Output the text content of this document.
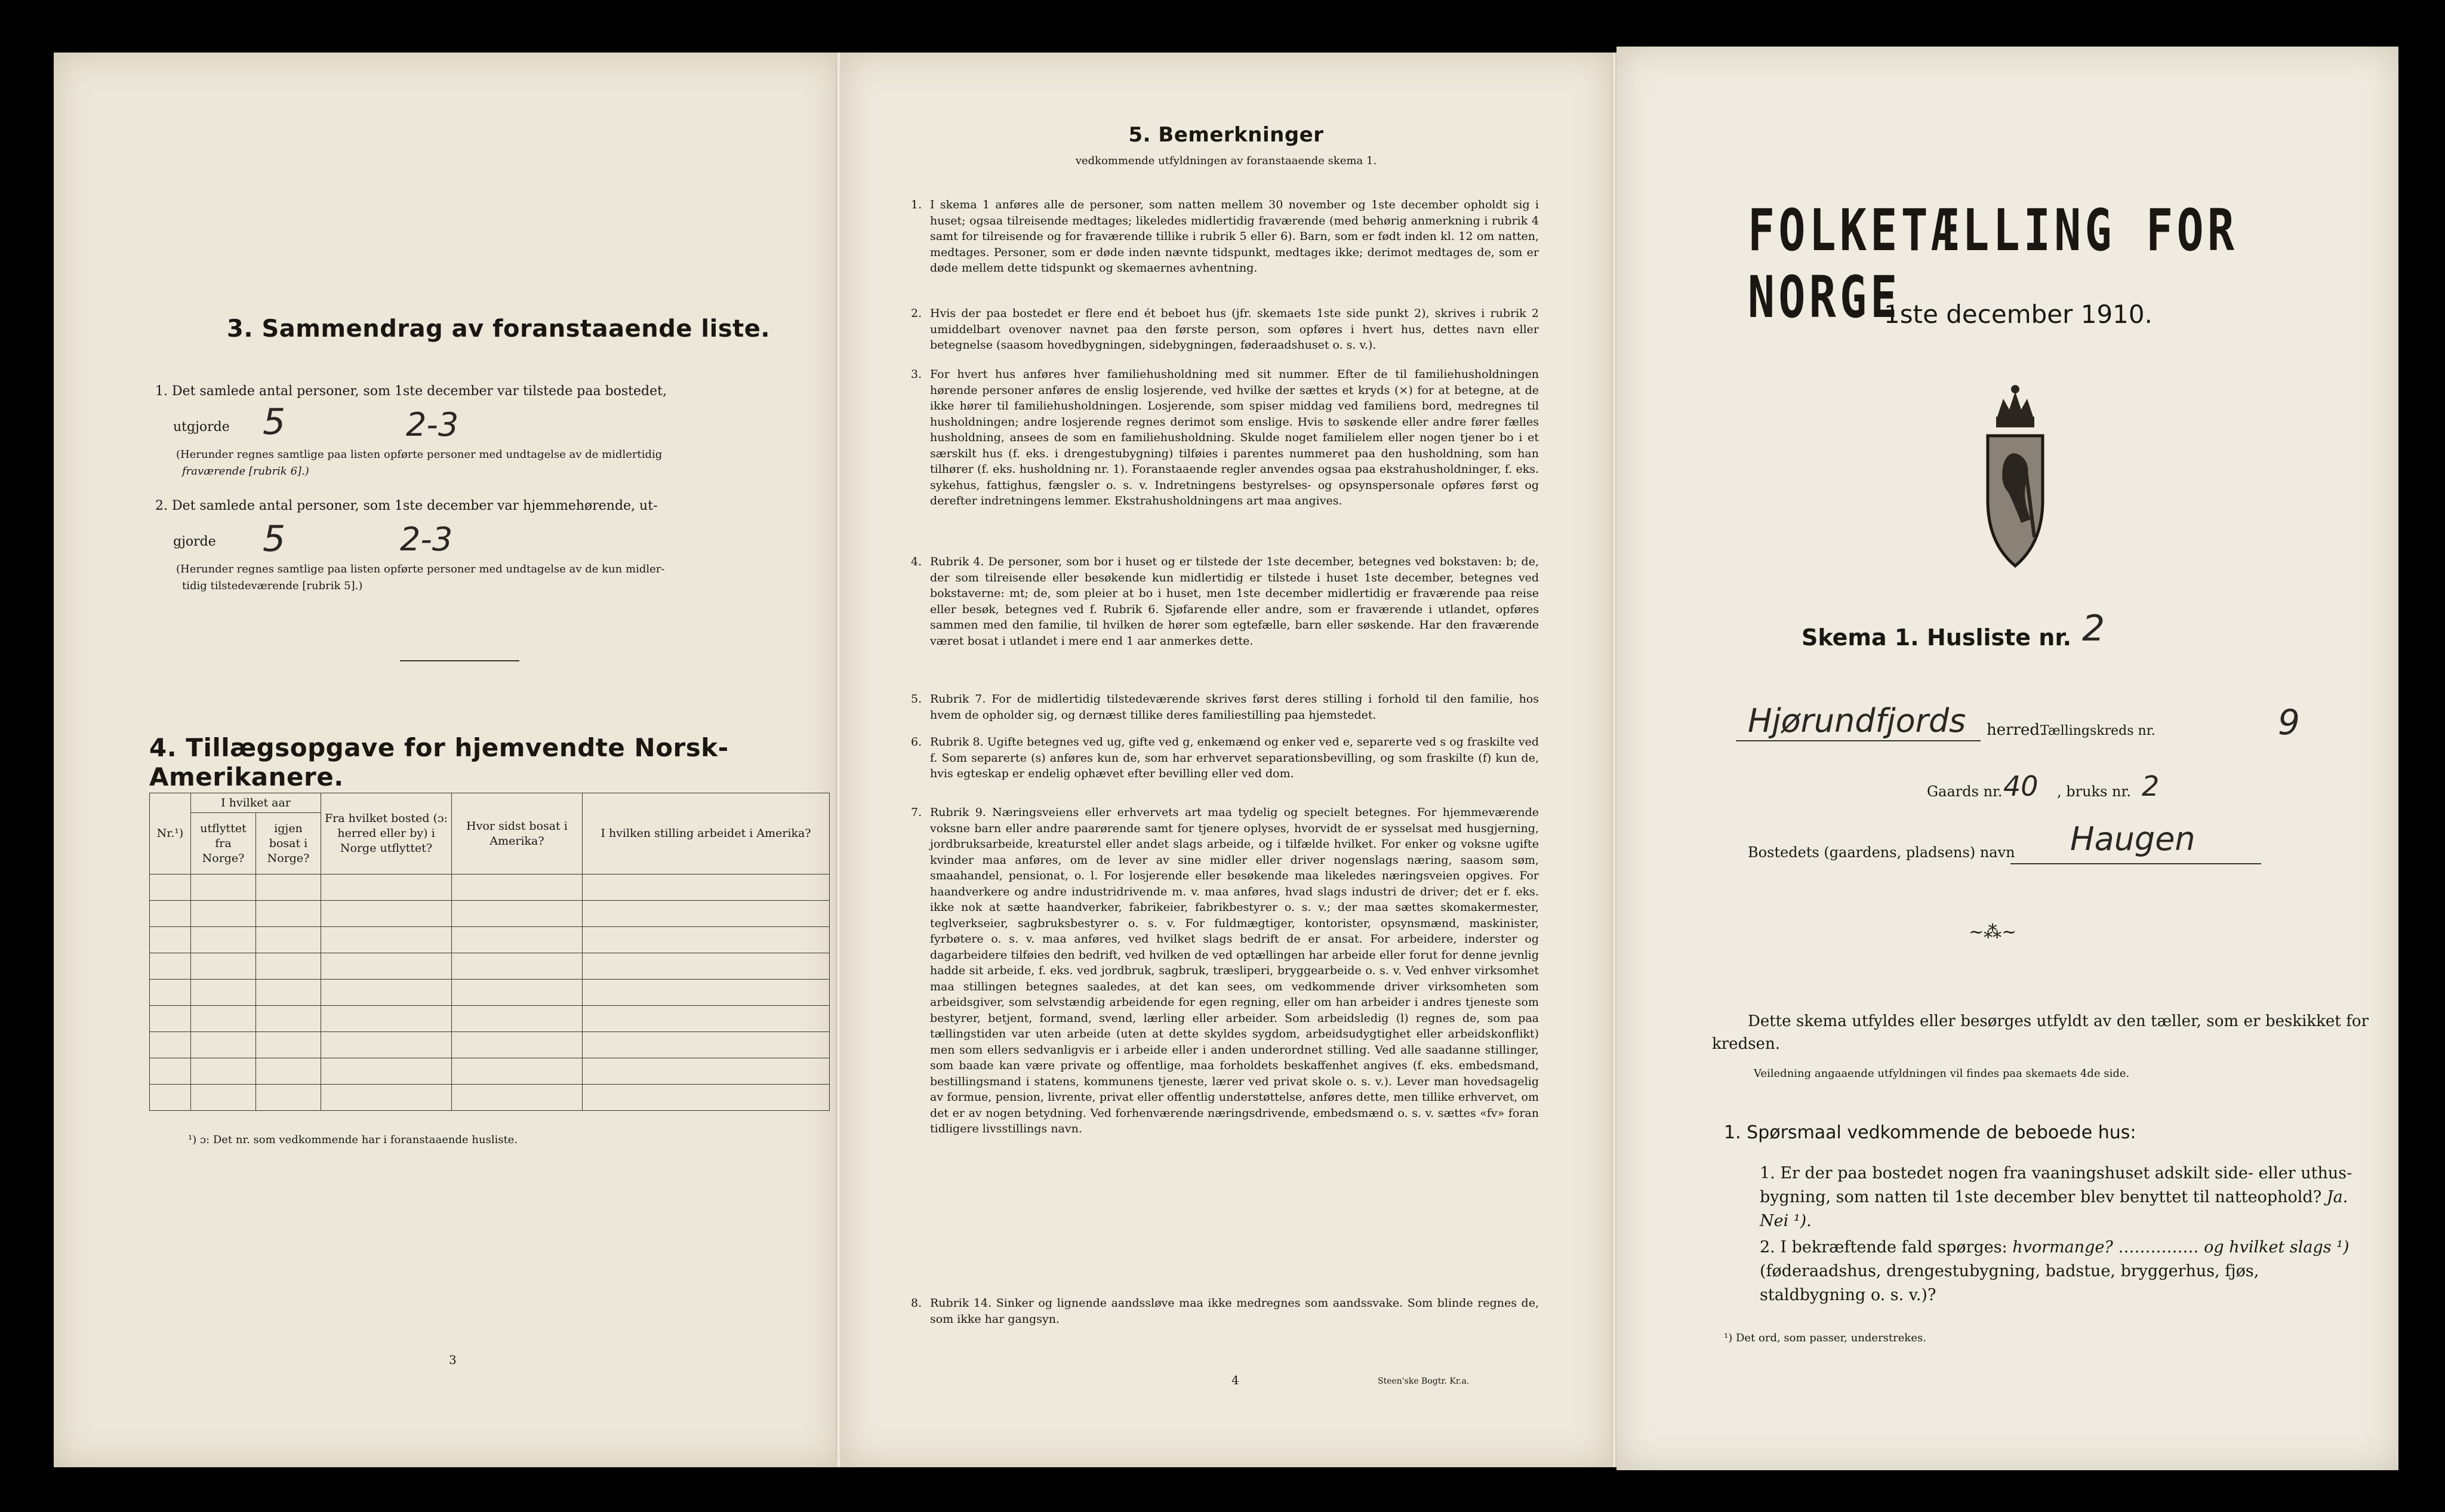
3. Sammendrag av foranstaaende liste.
1. Det samlede antal personer, som 1ste december var tilstede paa bostedet,
utgjorde 5	2-3
(Herunder regnes samtlige paa listen opførte personer med undtagelse av de midlertidig
fraværende [rubrik 6].)
2. Det samlede antal personer, som 1ste december var hjemmehørende, ut-
gjorde 5	2-3
(Herunder regnes samtlige paa listen opførte personer med undtagelse av de kun midler-
tidig tilstedeværende [rubrik 5].)
4. Tillægsopgave for hjemvendte Norsk-Amerikanere.
Nr.¹)	I hvilket aar		Fra hvilket bosted (ɔ: herred eller by) i Norge utflyttet?	Hvor sidst bosat i Amerika?	I hvilken stilling arbeidet i Amerika?
	utflyttet fra Norge?	igjen bosat i Norge?			

¹) ɔ: Det nr. som vedkommende har i foranstaaende husliste.
3
5. Bemerkninger
vedkommende utfyldningen av foranstaaende skema 1.
1. I skema 1 anføres alle de personer, som natten mellem 30 november og 1ste december opholdt sig i huset; ogsaa tilreisende medtages; likeledes midlertidig fraværende (med behørig anmerkning i rubrik 4 samt for tilreisende og for fraværende tillike i rubrik 5 eller 6). Barn, som er født inden kl. 12 om natten, medtages. Personer, som er døde inden nævnte tidspunkt, medtages ikke; derimot medtages de, som er døde mellem dette tidspunkt og skemaernes avhentning.
2. Hvis der paa bostedet er flere end ét beboet hus (jfr. skemaets 1ste side punkt 2), skrives i rubrik 2 umiddelbart ovenover navnet paa den første person, som opføres i hvert hus, dettes navn eller betegnelse (saasom hovedbygningen, sidebygningen, føderaadshuset o. s. v.).
3. For hvert hus anføres hver familiehusholdning med sit nummer. Efter de til familiehusholdningen hørende personer anføres de enslig losjerende, ved hvilke der sættes et kryds (×) for at betegne, at de ikke hører til familiehusholdningen. Losjerende, som spiser middag ved familiens bord, medregnes til husholdningen; andre losjerende regnes derimot som enslige. Hvis to søskende eller andre fører fælles husholdning, ansees de som en familiehusholdning. Skulde noget familielem eller nogen tjener bo i et særskilt hus (f. eks. i drengestubygning) tilføies i parentes nummeret paa den husholdning, som han tilhører (f. eks. husholdning nr. 1). Foranstaaende regler anvendes ogsaa paa ekstrahusholdninger, f. eks. sykehus, fattighus, fængsler o. s. v. Indretningens bestyrelses- og opsynspersonale opføres først og derefter indretningens lemmer. Ekstrahusholdningens art maa angives.
4. Rubrik 4. De personer, som bor i huset og er tilstede der 1ste december, betegnes ved bokstaven: b; de, der som tilreisende eller besøkende kun midlertidig er tilstede i huset 1ste december, betegnes ved bokstaverne: mt; de, som pleier at bo i huset, men 1ste december midlertidig er fraværende paa reise eller besøk, betegnes ved f. Rubrik 6. Sjøfarende eller andre, som er fraværende i utlandet, opføres sammen med den familie, til hvilken de hører som egtefælle, barn eller søskende. Har den fraværende været bosat i utlandet i mere end 1 aar anmerkes dette.
5. Rubrik 7. For de midlertidig tilstedeværende skrives først deres stilling i forhold til den familie, hos hvem de opholder sig, og dernæst tillike deres familiestilling paa hjemstedet.
6. Rubrik 8. Ugifte betegnes ved ug, gifte ved g, enkemænd og enker ved e, separerte ved s og fraskilte ved f. Som separerte (s) anføres kun de, som har erhvervet separationsbevilling, og som fraskilte (f) kun de, hvis egteskap er endelig ophævet efter bevilling eller ved dom.
7. Rubrik 9. Næringsveiens eller erhvervets art maa tydelig og specielt betegnes. For hjemmeværende voksne barn eller andre paarørende samt for tjenere oplyses, hvorvidt de er sysselsat med husgjerning, jordbruksarbeide, kreaturstel eller andet slags arbeide, og i tilfælde hvilket. For enker og voksne ugifte kvinder maa anføres, om de lever av sine midler eller driver nogenslags næring, saasom søm, smaahandel, pensionat, o. l. For losjerende eller besøkende maa likeledes næringsveien opgives. For haandverkere og andre industridrivende m. v. maa anføres, hvad slags industri de driver; det er f. eks. ikke nok at sætte haandverker, fabrikeier, fabrikbestyrer o. s. v.; der maa sættes skomakermester, teglverkseier, sagbruksbestyrer o. s. v. For fuldmægtiger, kontorister, opsynsmænd, maskinister, fyrbøtere o. s. v. maa anføres, ved hvilket slags bedrift de er ansat. For arbeidere, inderster og dagarbeidere tilføies den bedrift, ved hvilken de ved optællingen har arbeide eller forut for denne jevnlig hadde sit arbeide, f. eks. ved jordbruk, sagbruk, træsliperi, bryggearbeide o. s. v. Ved enhver virksomhet maa stillingen betegnes saaledes, at det kan sees, om vedkommende driver virksomheten som arbeidsgiver, som selvstændig arbeidende for egen regning, eller om han arbeider i andres tjeneste som bestyrer, betjent, formand, svend, lærling eller arbeider. Som arbeidsledig (l) regnes de, som paa tællingstiden var uten arbeide (uten at dette skyldes sygdom, arbeidsudygtighet eller arbeidskonflikt) men som ellers sedvanligvis er i arbeide eller i anden underordnet stilling. Ved alle saadanne stillinger, som baade kan være private og offentlige, maa forholdets beskaffenhet angives (f. eks. embedsmand, bestillingsmand i statens, kommunens tjeneste, lærer ved privat skole o. s. v.). Lever man hovedsagelig av formue, pension, livrente, privat eller offentlig understøttelse, anføres dette, men tillike erhvervet, om det er av nogen betydning. Ved forhenværende næringsdrivende, embedsmænd o. s. v. sættes «fv» foran tidligere livsstillings navn.
8. Rubrik 14. Sinker og lignende aandssløve maa ikke medregnes som aandssvake. Som blinde regnes de, som ikke har gangsyn.
4	Steen'ske Bogtr. Kr.a.
FOLKETÆLLING FOR NORGE
1ste december 1910.
Skema 1. Husliste nr. 2
Hjørundfjords herred.
Tællingskreds nr.	9
Gaards nr. 40 , bruks nr. 2
Bostedets (gaardens, pladsens) navn Haugen
~⁂~
Dette skema utfyldes eller besørges utfyldt av den tæller, som er beskikket for kredsen.
Veiledning angaaende utfyldningen vil findes paa skemaets 4de side.
1. Spørsmaal vedkommende de beboede hus:
1. Er der paa bostedet nogen fra vaaningshuset adskilt side- eller uthus-bygning, som natten til 1ste december blev benyttet til natteophold? Ja. Nei ¹).
2. I bekræftende fald spørges: hvormange? …………… og hvilket slags ¹) (føderaadshus, drengestubygning, badstue, bryggerhus, fjøs, staldbygning o. s. v.)?
¹) Det ord, som passer, understrekes.
